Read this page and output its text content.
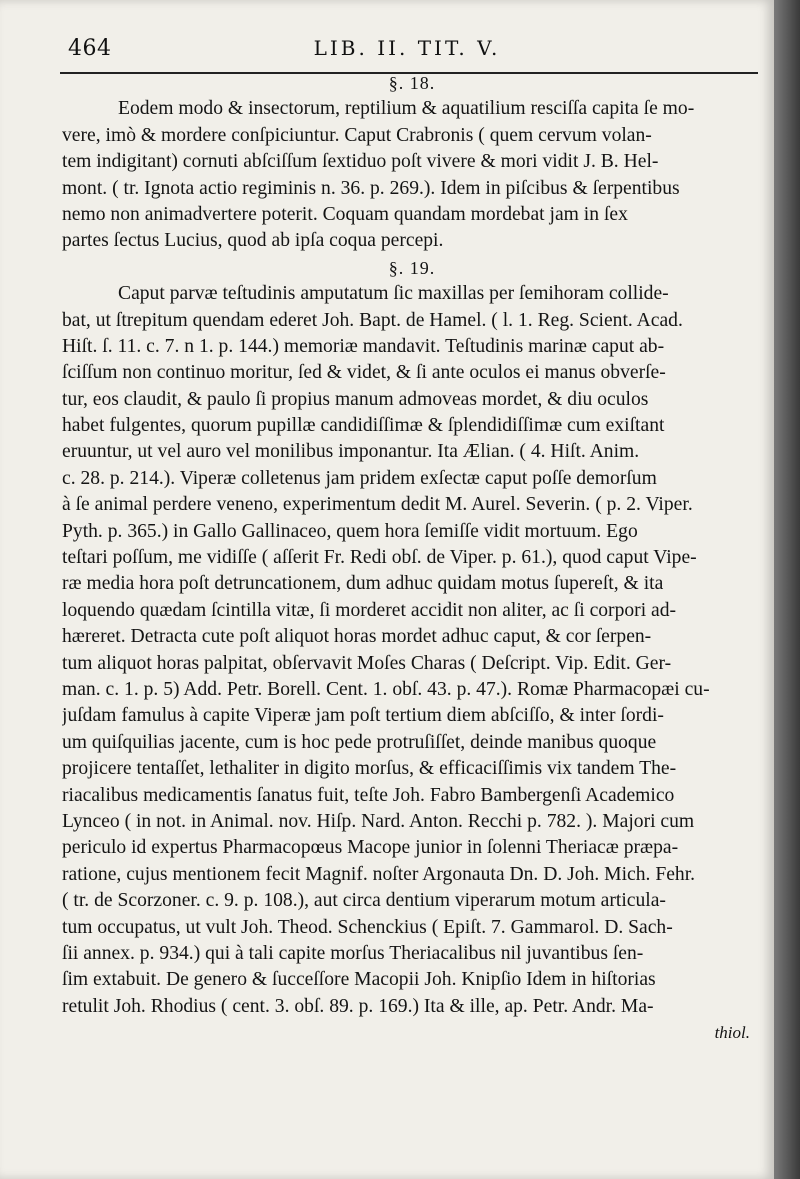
464	LIB. II. TIT. V.
§. 18.
Eodem modo & insectorum, reptilium & aquatilium resciſſa capita ſe mo-
vere, imò & mordere conſpiciuntur. Caput Crabronis ( quem cervum volan-
tem indigitant) cornuti abſciſſum ſextiduo poſt vivere & mori vidit J. B. Hel-
mont. ( tr. Ignota actio regiminis n. 36. p. 269.). Idem in piſcibus & ſerpentibus
nemo non animadvertere poterit. Coquam quandam mordebat jam in ſex
partes ſectus Lucius, quod ab ipſa coqua percepi.
§. 19.
Caput parvæ teſtudinis amputatum ſic maxillas per ſemihoram collide-
bat, ut ſtrepitum quendam ederet Joh. Bapt. de Hamel. ( l. 1. Reg. Scient. Acad.
Hiſt. ſ. 11. c. 7. n 1. p. 144.) memoriæ mandavit. Teſtudinis marinæ caput ab-
ſciſſum non continuo moritur, ſed & videt, & ſi ante oculos ei manus obverſe-
tur, eos claudit, & paulo ſi propius manum admoveas mordet, & diu oculos
habet fulgentes, quorum pupillæ candidiſſimæ & ſplendidiſſimæ cum exiſtant
eruuntur, ut vel auro vel monilibus imponantur. Ita Ælian. ( 4. Hiſt. Anim.
c. 28. p. 214.). Viperæ colletenus jam pridem exſectæ caput poſſe demorſum
à ſe animal perdere veneno, experimentum dedit M. Aurel. Severin. ( p. 2. Viper.
Pyth. p. 365.) in Gallo Gallinaceo, quem hora ſemiſſe vidit mortuum. Ego
teſtari poſſum, me vidiſſe ( aſſerit Fr. Redi obſ. de Viper. p. 61.), quod caput Vipe-
ræ media hora poſt detruncationem, dum adhuc quidam motus ſupereſt, & ita
loquendo quædam ſcintilla vitæ, ſi morderet accidit non aliter, ac ſi corpori ad-
hæreret. Detracta cute poſt aliquot horas mordet adhuc caput, & cor ſerpen-
tum aliquot horas palpitat, obſervavit Moſes Charas ( Deſcript. Vip. Edit. Ger-
man. c. 1. p. 5) Add. Petr. Borell. Cent. 1. obſ. 43. p. 47.). Romæ Pharmacopæi cu-
juſdam famulus à capite Viperæ jam poſt tertium diem abſciſſo, & inter ſordi-
um quiſquilias jacente, cum is hoc pede protruſiſſet, deinde manibus quoque
projicere tentaſſet, lethaliter in digito morſus, & efficaciſſimis vix tandem The-
riacalibus medicamentis ſanatus fuit, teſte Joh. Fabro Bambergenſi Academico
Lynceo ( in not. in Animal. nov. Hiſp. Nard. Anton. Recchi p. 782. ). Majori cum
periculo id expertus Pharmacopœus Macope junior in ſolenni Theriacæ præpa-
ratione, cujus mentionem fecit Magnif. noſter Argonauta Dn. D. Joh. Mich. Fehr.
( tr. de Scorzoner. c. 9. p. 108.), aut circa dentium viperarum motum articula-
tum occupatus, ut vult Joh. Theod. Schenckius ( Epiſt. 7. Gammarol. D. Sach-
ſii annex. p. 934.) qui à tali capite morſus Theriacalibus nil juvantibus ſen-
ſim extabuit. De genero & ſucceſſore Macopii Joh. Knipſio Idem in hiſtorias
retulit Joh. Rhodius ( cent. 3. obſ. 89. p. 169.) Ita & ille, ap. Petr. Andr. Ma-
thiol.
